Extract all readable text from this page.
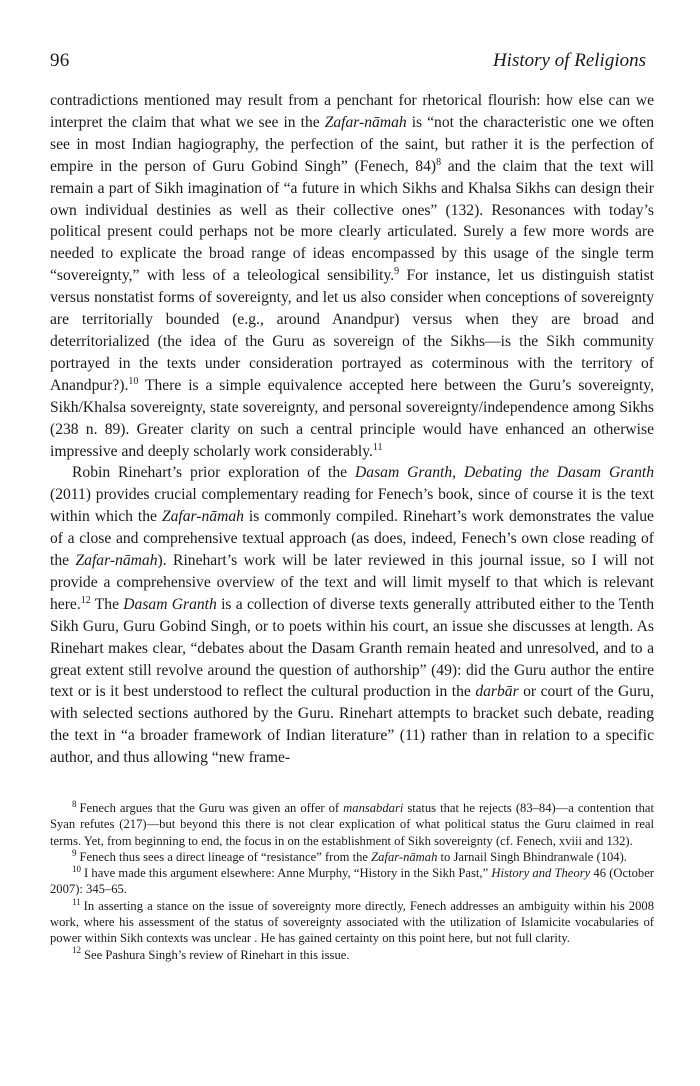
96	History of Religions

contradictions mentioned may result from a penchant for rhetorical flourish: how else can we interpret the claim that what we see in the Zafar-nāmah is “not the characteristic one we often see in most Indian hagiography, the perfection of the saint, but rather it is the perfection of empire in the person of Guru Gobind Singh” (Fenech, 84)$^8$ and the claim that the text will remain a part of Sikh imagination of “a future in which Sikhs and Khalsa Sikhs can design their own individual destinies as well as their collective ones” (132). Resonances with today’s political present could perhaps not be more clearly articulated. Surely a few more words are needed to explicate the broad range of ideas encompassed by this usage of the single term “sovereignty,” with less of a teleological sensibility.$^9$ For instance, let us distinguish statist versus nonstatist forms of sovereignty, and let us also consider when conceptions of sovereignty are territorially bounded (e.g., around Anandpur) versus when they are broad and deterritorialized (the idea of the Guru as sovereign of the Sikhs—is the Sikh community portrayed in the texts under consideration portrayed as coterminous with the territory of Anandpur?).$^{10}$ There is a simple equivalence accepted here between the Guru’s sovereignty, Sikh/Khalsa sovereignty, state sovereignty, and personal sovereignty/independence among Sikhs (238 n. 89). Greater clarity on such a central principle would have enhanced an otherwise impressive and deeply scholarly work considerably.$^{11}$

Robin Rinehart’s prior exploration of the Dasam Granth, Debating the Dasam Granth (2011) provides crucial complementary reading for Fenech’s book, since of course it is the text within which the Zafar-nāmah is commonly compiled. Rinehart’s work demonstrates the value of a close and comprehensive textual approach (as does, indeed, Fenech’s own close reading of the Zafar-nāmah). Rinehart’s work will be later reviewed in this journal issue, so I will not provide a comprehensive overview of the text and will limit myself to that which is relevant here.$^{12}$ The Dasam Granth is a collection of diverse texts generally attributed either to the Tenth Sikh Guru, Guru Gobind Singh, or to poets within his court, an issue she discusses at length. As Rinehart makes clear, “debates about the Dasam Granth remain heated and unresolved, and to a great extent still revolve around the question of authorship” (49): did the Guru author the entire text or is it best understood to reflect the cultural production in the darbār or court of the Guru, with selected sections authored by the Guru. Rinehart attempts to bracket such debate, reading the text in “a broader framework of Indian literature” (11) rather than in relation to a specific author, and thus allowing “new frame-

$^8$ Fenech argues that the Guru was given an offer of mansabdari status that he rejects (83–84)—a contention that Syan refutes (217)—but beyond this there is not clear explication of what political status the Guru claimed in real terms. Yet, from beginning to end, the focus in on the establishment of Sikh sovereignty (cf. Fenech, xviii and 132).

$^9$ Fenech thus sees a direct lineage of “resistance” from the Zafar-nāmah to Jarnail Singh Bhindranwale (104).

$^{10}$ I have made this argument elsewhere: Anne Murphy, “History in the Sikh Past,” History and Theory 46 (October 2007): 345–65.

$^{11}$ In asserting a stance on the issue of sovereignty more directly, Fenech addresses an ambiguity within his 2008 work, where his assessment of the status of sovereignty associated with the utilization of Islamicite vocabularies of power within Sikh contexts was unclear . He has gained certainty on this point here, but not full clarity.

$^{12}$ See Pashura Singh’s review of Rinehart in this issue.
